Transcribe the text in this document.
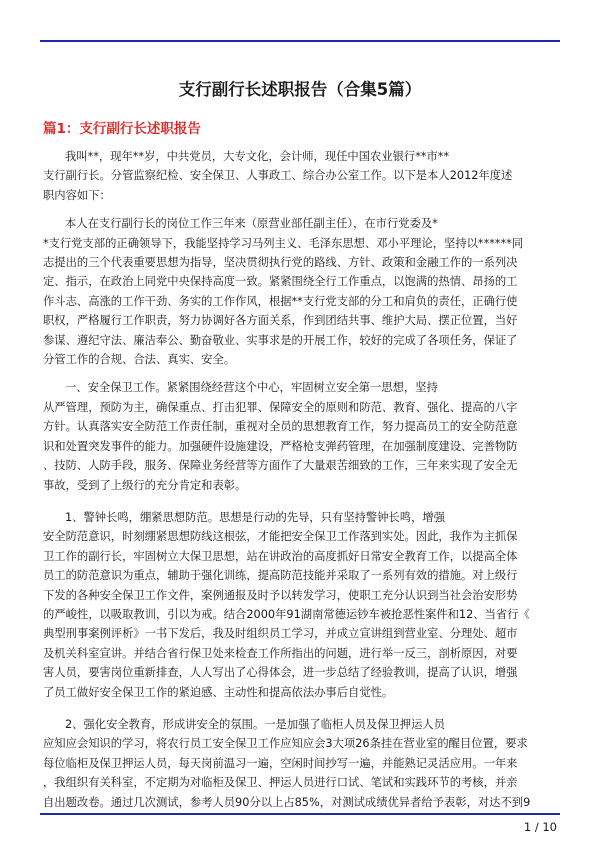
支行副行长述职报告（合集5篇）
篇1：支行副行长述职报告

我叫**，现年**岁，中共党员，大专文化，会计师，现任中国农业银行**市**

支行副行长。分管监察纪检、安全保卫、人事政工、综合办公室工作。以下是本人2012年度述

职内容如下：

本人在支行副行长的岗位工作三年来（原营业部任副主任），在市行党委及*

*支行党支部的正确领导下，我能坚持学习马列主义、毛泽东思想、邓小平理论，坚持以******同

志提出的三个代表重要思想为指导，坚决贯彻执行党的路线、方针、政策和金融工作的一系列决

定、指示，在政治上同党中央保持高度一致。紧紧围绕全行工作重点，以饱满的热情、昂扬的工

作斗志、高涨的工作干劲、务实的工作作风，根据**支行党支部的分工和肩负的责任，正确行使

职权，严格履行工作职责，努力协调好各方面关系，作到团结共事、维护大局、摆正位置，当好

参谋、遵纪守法、廉洁奉公、勤奋敬业、实事求是的开展工作，较好的完成了各项任务，保证了

分管工作的合规、合法、真实、安全。

一、安全保卫工作。紧紧围绕经营这个中心，牢固树立安全第一思想，坚持

从严管理，预防为主，确保重点、打击犯罪、保障安全的原则和防范、教育、强化、提高的八字

方针。认真落实安全防范工作责任制，重视对全员的思想教育工作，努力提高员工的安全防范意

识和处置突发事件的能力。加强硬件设施建设，严格枪支弹药管理，在加强制度建设、完善物防

、技防、人防手段，服务、保障业务经营等方面作了大量艰苦细致的工作，三年来实现了安全无

事故，受到了上级行的充分肯定和表彰。

1、警钟长鸣，绷紧思想防范。思想是行动的先导，只有坚持警钟长鸣，增强

安全防范意识，时刻绷紧思想防线这根弦，才能把安全保卫工作落到实处。因此，我作为主抓保

卫工作的副行长，牢固树立大保卫思想，站在讲政治的高度抓好日常安全教育工作，以提高全体

员工的防范意识为重点，辅助于强化训练，提高防范技能并采取了一系列有效的措施。对上级行

下发的各种安全保卫工作文件，案例通报及时予以转发学习，使职工充分认识到当社会治安形势

的严峻性，以吸取教训，引以为戒。结合2000年91湖南常德运钞车被抢恶性案件和12、当省行《

典型刑事案例评析》一书下发后，我及时组织员工学习，并成立宣讲组到营业室、分理处、超市

及机关科室宣讲。并结合省行保卫处来检查工作所指出的问题，进行举一反三，剖析原因，对要

害人员，要害岗位重新排查，人人写出了心得体会，进一步总结了经验教训，提高了认识，增强

了员工做好安全保卫工作的紧迫感、主动性和提高依法办事后自觉性。

2、强化安全教育，形成讲安全的氛围。一是加强了临柜人员及保卫押运人员

应知应会知识的学习，将农行员工安全保卫工作应知应会3大项26条挂在营业室的醒目位置，要求

每位临柜及保卫押运人员，每天岗前温习一遍，空闲时间抄写一遍，并能熟记灵活应用。一年来

，我组织有关科室，不定期为对临柜及保卫、押运人员进行口试、笔试和实践环节的考核，并亲

自出题改卷。通过几次测试，参考人员90分以上占85%，对测试成绩优异者给予表彰，对达不到9

1 / 10
